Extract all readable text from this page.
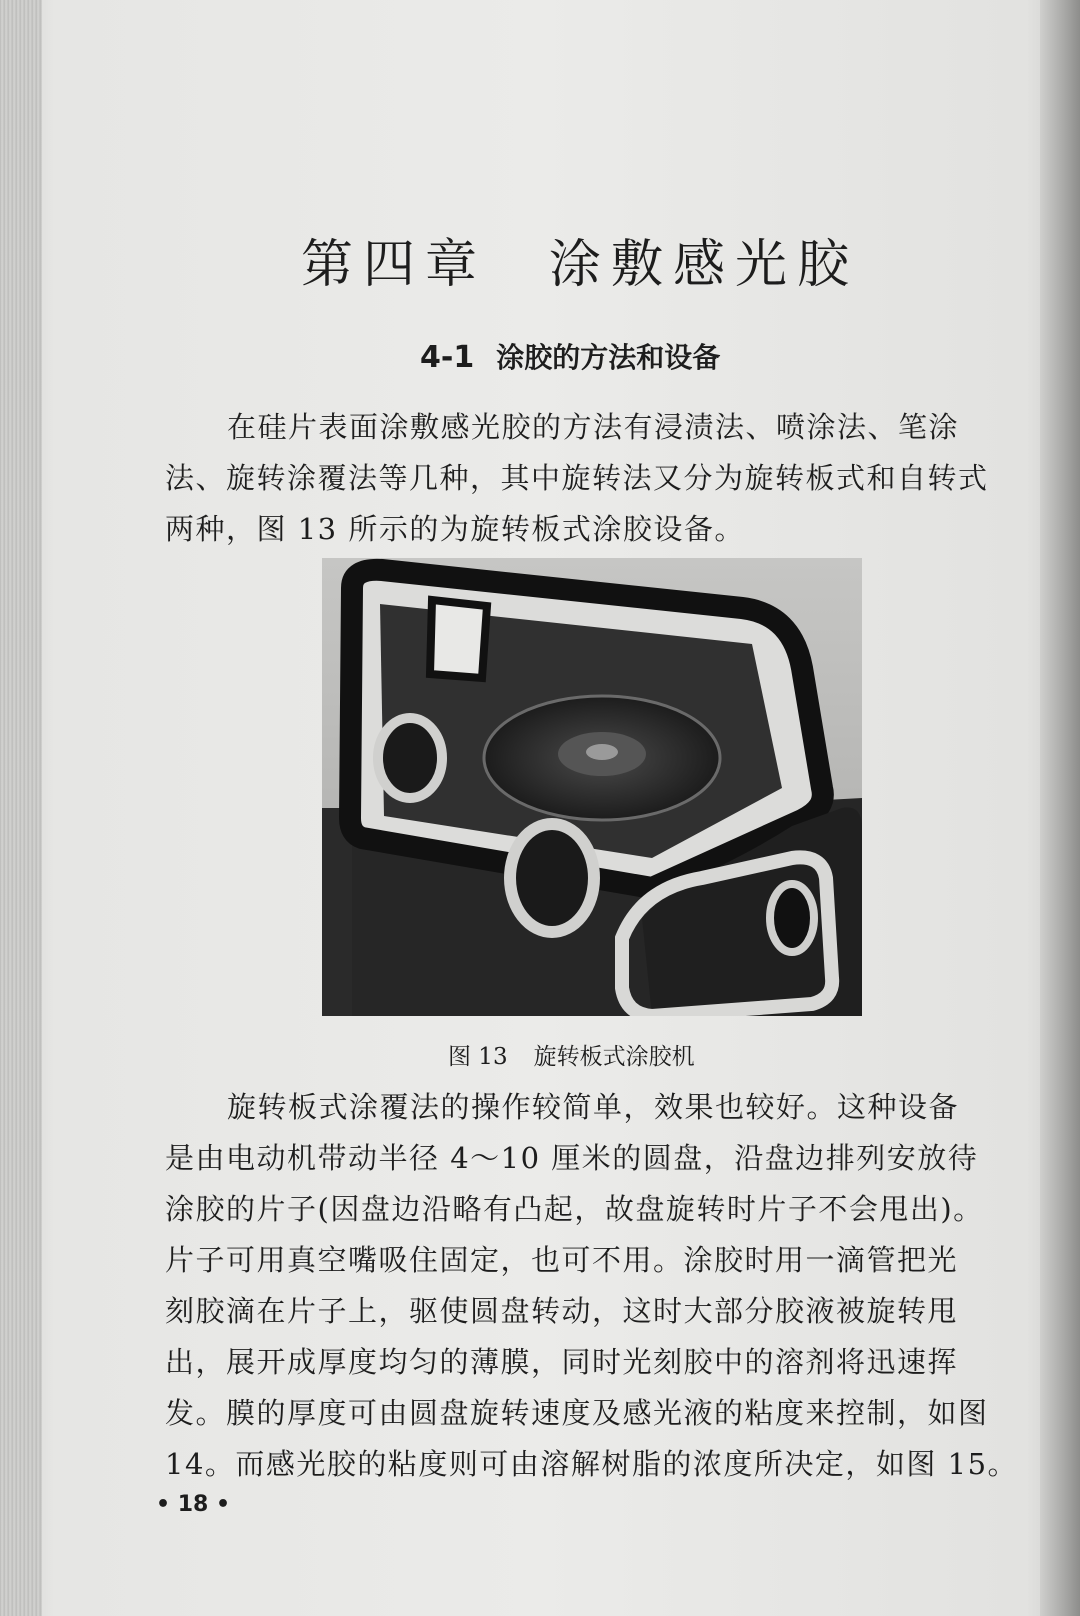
第四章　涂敷感光胶
4-1 涂胶的方法和设备

在硅片表面涂敷感光胶的方法有浸渍法、喷涂法、笔涂
法、旋转涂覆法等几种，其中旋转法又分为旋转板式和自转式
两种，图 13 所示的为旋转板式涂胶设备。

图 13 旋转板式涂胶机

旋转板式涂覆法的操作较简单，效果也较好。这种设备
是由电动机带动半径 4～10 厘米的圆盘，沿盘边排列安放待
涂胶的片子(因盘边沿略有凸起，故盘旋转时片子不会甩出)。
片子可用真空嘴吸住固定，也可不用。涂胶时用一滴管把光
刻胶滴在片子上，驱使圆盘转动，这时大部分胶液被旋转甩
出，展开成厚度均匀的薄膜，同时光刻胶中的溶剂将迅速挥
发。膜的厚度可由圆盘旋转速度及感光液的粘度来控制，如图
14。而感光胶的粘度则可由溶解树脂的浓度所决定，如图 15。

• 18 •
